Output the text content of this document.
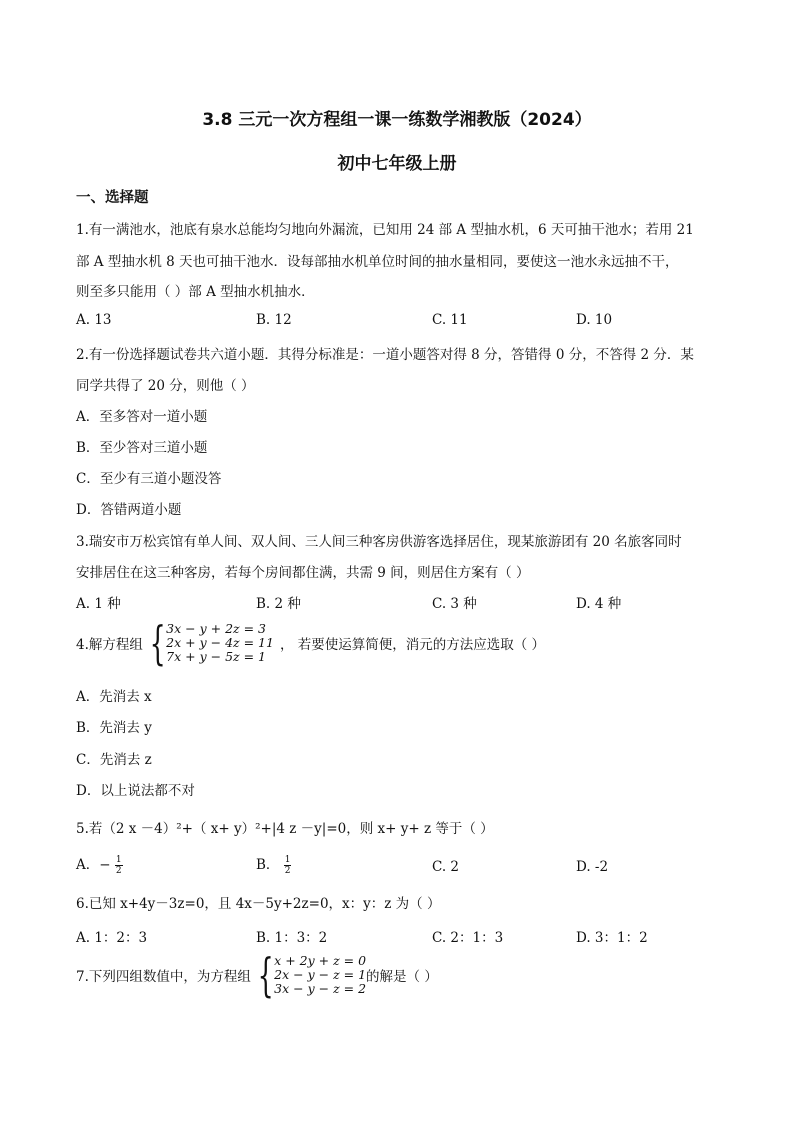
3.8 三元一次方程组一课一练数学湘教版（2024）
初中七年级上册
一、选择题
1.有一满池水，池底有泉水总能均匀地向外漏流，已知用 24 部 A 型抽水机，6 天可抽干池水；若用 21
部 A 型抽水机 8 天也可抽干池水．设每部抽水机单位时间的抽水量相同，要使这一池水永远抽不干，
则至多只能用（ ）部 A 型抽水机抽水．
A. 13	B. 12	C. 11	D. 10
2.有一份选择题试卷共六道小题．其得分标准是：一道小题答对得 8 分，答错得 0 分，不答得 2 分．某
同学共得了 20 分，则他（ ）
A．至多答对一道小题
B．至少答对三道小题
C．至少有三道小题没答
D．答错两道小题
3.瑞安市万松宾馆有单人间、双人间、三人间三种客房供游客选择居住，现某旅游团有 20 名旅客同时
安排居住在这三种客房，若每个房间都住满，共需 9 间，则居住方案有（ ）
A. 1 种	B. 2 种	C. 3 种	D. 4 种
4.解方程组 { 3x − y + 2z = 3
2x + y − 4z = 11
7x + y − 5z = 1
， 若要使运算简便，消元的方法应选取（ ）
A．先消去 x
B．先消去 y
C．先消去 z
D．以上说法都不对
5.若（2 x －4）²+（ x+ y）²+|4 z －y|=0，则 x+ y+ z 等于（ ）
A．− $\frac{1}{2}$	B． $\frac{1}{2}$	C. 2	D. -2
6.已知 x+4y－3z=0，且 4x－5y+2z=0，x：y：z 为（ ）
A. 1：2：3	B. 1：3：2	C. 2：1：3	D. 3：1：2
7.下列四组数值中，为方程组 { x + 2y + z = 0
2x − y − z = 1
3x − y − z = 2
的解是（ ）
